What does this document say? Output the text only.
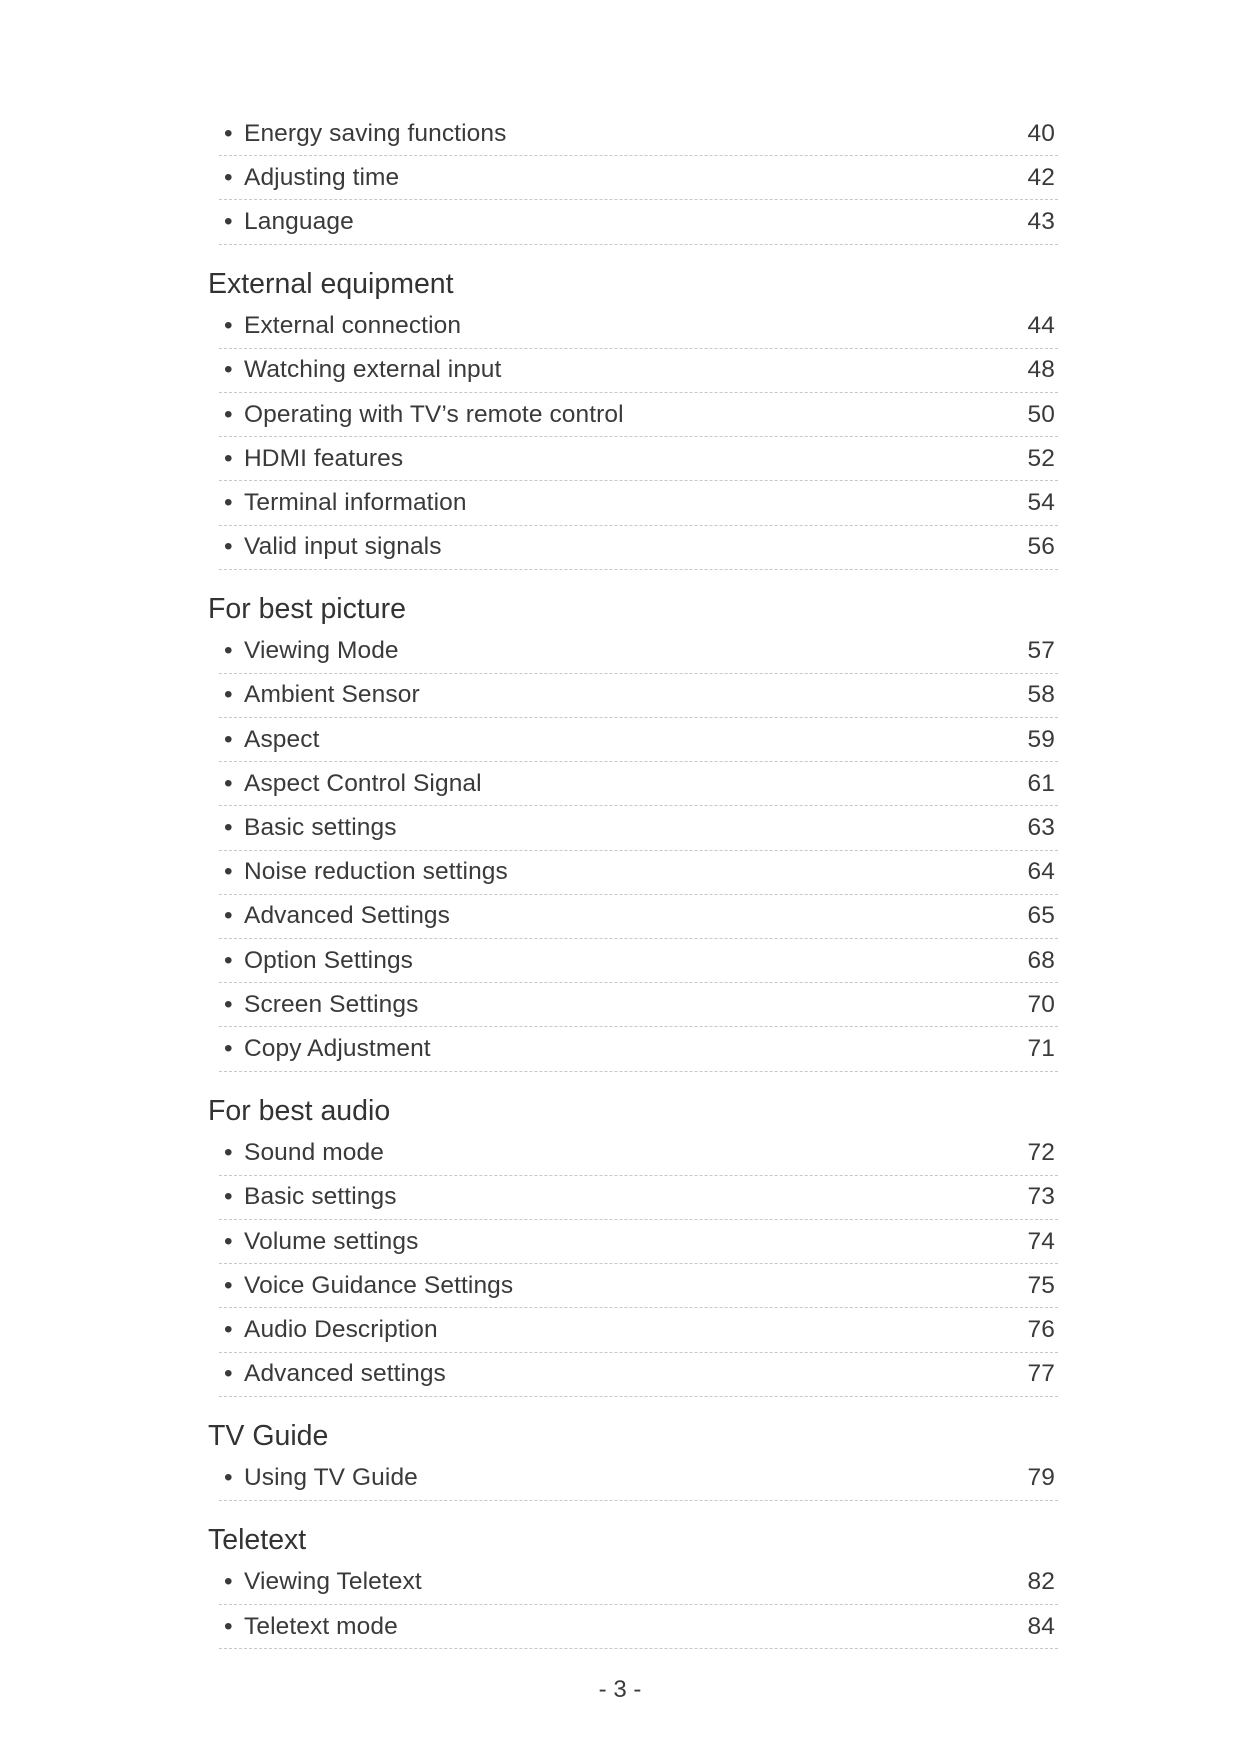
• Energy saving functions	40
• Adjusting time	42
• Language	43
External equipment
• External connection	44
• Watching external input	48
• Operating with TV’s remote control	50
• HDMI features	52
• Terminal information	54
• Valid input signals	56
For best picture
• Viewing Mode	57
• Ambient Sensor	58
• Aspect	59
• Aspect Control Signal	61
• Basic settings	63
• Noise reduction settings	64
• Advanced Settings	65
• Option Settings	68
• Screen Settings	70
• Copy Adjustment	71
For best audio
• Sound mode	72
• Basic settings	73
• Volume settings	74
• Voice Guidance Settings	75
• Audio Description	76
• Advanced settings	77
TV Guide
• Using TV Guide	79
Teletext
• Viewing Teletext	82
• Teletext mode	84
- 3 -
